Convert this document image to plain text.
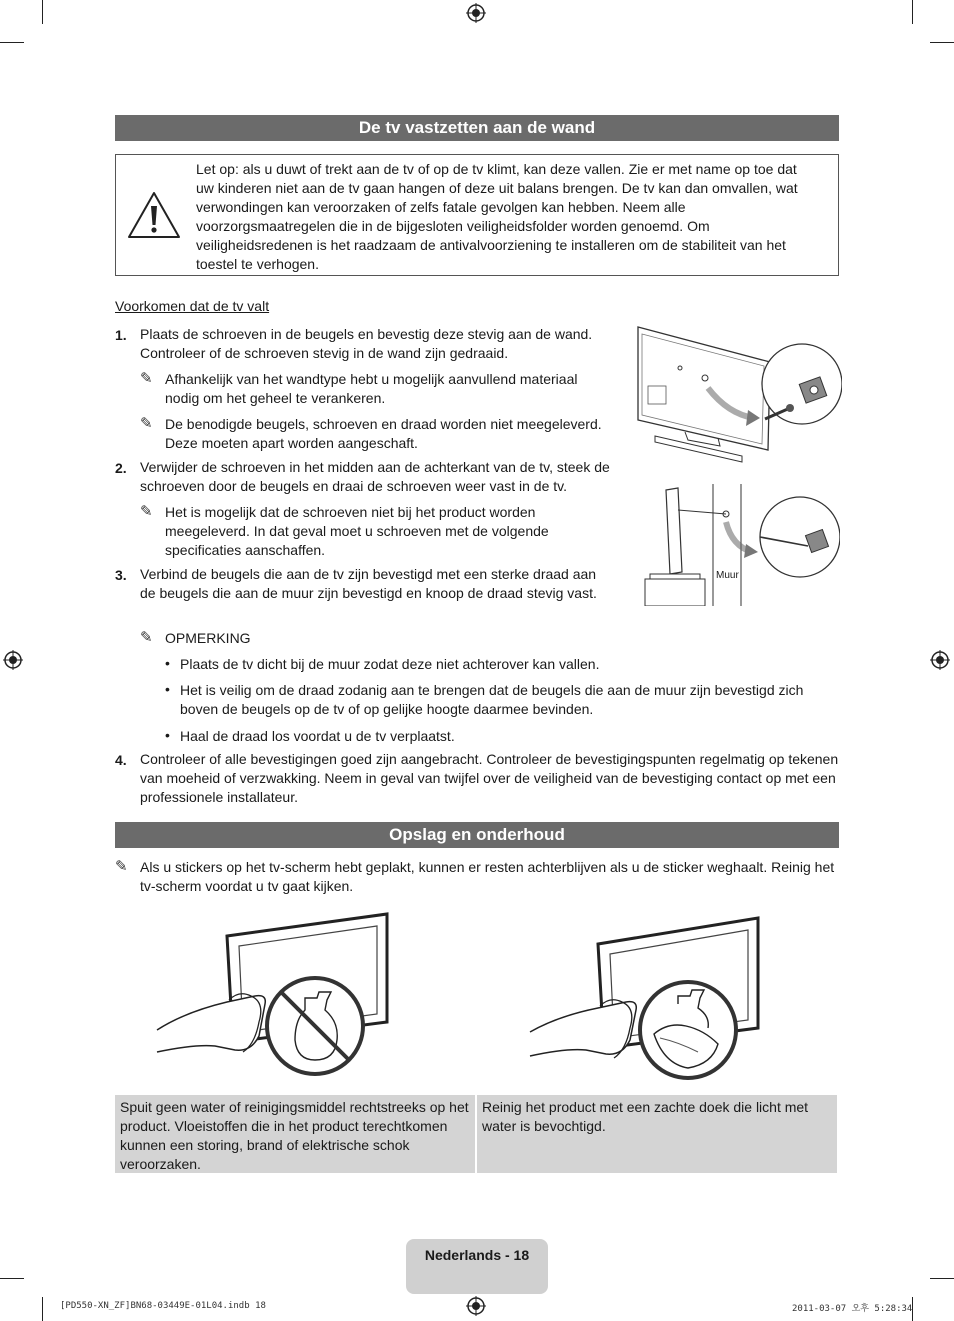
De tv vastzetten aan de wand
Let op: als u duwt of trekt aan de tv of op de tv klimt, kan deze vallen. Zie er met name op toe dat uw kinderen niet aan de tv gaan hangen of deze uit balans brengen. De tv kan dan omvallen, wat verwondingen kan veroorzaken of zelfs fatale gevolgen kan hebben. Neem alle voorzorgsmaatregelen die in de bijgesloten veiligheidsfolder worden genoemd. Om veiligheidsredenen is het raadzaam de antivalvoorziening te installeren om de stabiliteit van het toestel te verhogen.
Voorkomen dat de tv valt
1. Plaats de schroeven in de beugels en bevestig deze stevig aan de wand. Controleer of de schroeven stevig in de wand zijn gedraaid.
✎ Afhankelijk van het wandtype hebt u mogelijk aanvullend materiaal nodig om het geheel te verankeren.
✎ De benodigde beugels, schroeven en draad worden niet meegeleverd. Deze moeten apart worden aangeschaft.
2. Verwijder de schroeven in het midden aan de achterkant van de tv, steek de schroeven door de beugels en draai de schroeven weer vast in de tv.
✎ Het is mogelijk dat de schroeven niet bij het product worden meegeleverd. In dat geval moet u schroeven met de volgende specificaties aanschaffen.
3. Verbind de beugels die aan de tv zijn bevestigd met een sterke draad aan de beugels die aan de muur zijn bevestigd en knoop de draad stevig vast.
✎ OPMERKING
• Plaats de tv dicht bij de muur zodat deze niet achterover kan vallen.
• Het is veilig om de draad zodanig aan te brengen dat de beugels die aan de muur zijn bevestigd zich boven de beugels op de tv of op gelijke hoogte daarmee bevinden.
• Haal de draad los voordat u de tv verplaatst.
4. Controleer of alle bevestigingen goed zijn aangebracht. Controleer de bevestigingspunten regelmatig op tekenen van moeheid of verzwakking. Neem in geval van twijfel over de veiligheid van de bevestiging contact op met een professionele installateur.
Muur
Opslag en onderhoud
✎ Als u stickers op het tv-scherm hebt geplakt, kunnen er resten achterblijven als u de sticker weghaalt. Reinig het tv-scherm voordat u tv gaat kijken.
Spuit geen water of reinigingsmiddel rechtstreeks op het product. Vloeistoffen die in het product terechtkomen kunnen een storing, brand of elektrische schok veroorzaken.
Reinig het product met een zachte doek die licht met water is bevochtigd.
Nederlands - 18
[PD550-XN_ZF]BN68-03449E-01L04.indb 18	2011-03-07 오후 5:28:34
